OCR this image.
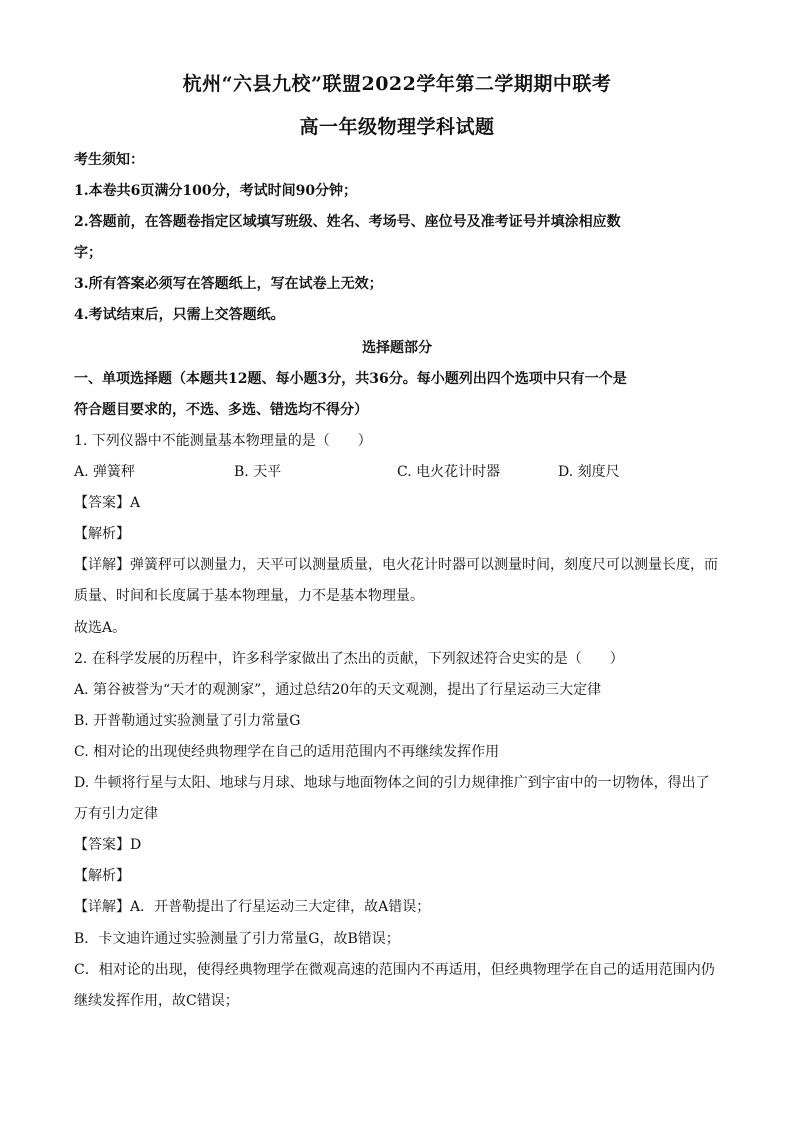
杭州“六县九校”联盟2022学年第二学期期中联考
高一年级物理学科试题
考生须知：
1.本卷共6页满分100分，考试时间90分钟；
2.答题前，在答题卷指定区域填写班级、姓名、考场号、座位号及准考证号并填涂相应数
字；
3.所有答案必须写在答题纸上，写在试卷上无效；
4.考试结束后，只需上交答题纸。
选择题部分
一、单项选择题（本题共12题、每小题3分，共36分。每小题列出四个选项中只有一个是
符合题目要求的，不选、多选、错选均不得分）
1. 下列仪器中不能测量基本物理量的是（　　）
A. 弹簧秤	B. 天平	C. 电火花计时器	D. 刻度尺
【答案】A
【解析】
【详解】弹簧秤可以测量力，天平可以测量质量，电火花计时器可以测量时间，刻度尺可以测量长度，而
质量、时间和长度属于基本物理量，力不是基本物理量。
故选A。
2. 在科学发展的历程中，许多科学家做出了杰出的贡献，下列叙述符合史实的是（　　）
A. 第谷被誉为“天才的观测家”，通过总结20年的天文观测，提出了行星运动三大定律
B. 开普勒通过实验测量了引力常量G
C. 相对论的出现使经典物理学在自己的适用范围内不再继续发挥作用
D. 牛顿将行星与太阳、地球与月球、地球与地面物体之间的引力规律推广到宇宙中的一切物体，得出了
万有引力定律
【答案】D
【解析】
【详解】A．开普勒提出了行星运动三大定律，故A错误；
B．卡文迪许通过实验测量了引力常量G，故B错误；
C．相对论的出现，使得经典物理学在微观高速的范围内不再适用，但经典物理学在自己的适用范围内仍
继续发挥作用，故C错误；
